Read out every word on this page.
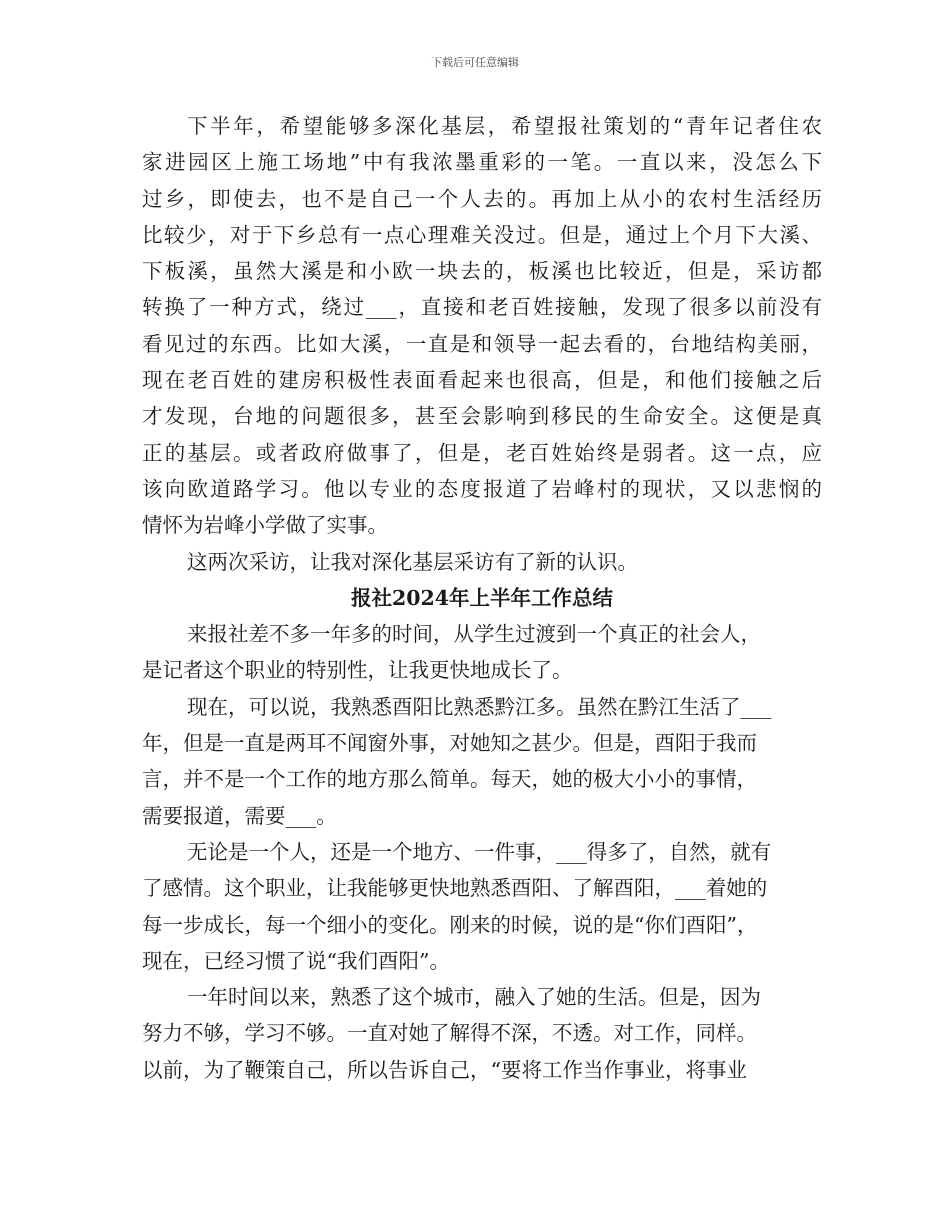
下载后可任意编辑
下半年，希望能够多深化基层，希望报社策划的“青年记者住农
家进园区上施工场地”中有我浓墨重彩的一笔。一直以来，没怎么下
过乡，即使去，也不是自己一个人去的。再加上从小的农村生活经历
比较少，对于下乡总有一点心理难关没过。但是，通过上个月下大溪、
下板溪，虽然大溪是和小欧一块去的，板溪也比较近，但是，采访都
转换了一种方式，绕过___，直接和老百姓接触，发现了很多以前没有
看见过的东西。比如大溪，一直是和领导一起去看的，台地结构美丽，
现在老百姓的建房积极性表面看起来也很高，但是，和他们接触之后
才发现，台地的问题很多，甚至会影响到移民的生命安全。这便是真
正的基层。或者政府做事了，但是，老百姓始终是弱者。这一点，应
该向欧道路学习。他以专业的态度报道了岩峰村的现状，又以悲悯的
情怀为岩峰小学做了实事。
这两次采访，让我对深化基层采访有了新的认识。
报社2024年上半年工作总结
来报社差不多一年多的时间，从学生过渡到一个真正的社会人，
是记者这个职业的特别性，让我更快地成长了。
现在，可以说，我熟悉酉阳比熟悉黔江多。虽然在黔江生活了___
年，但是一直是两耳不闻窗外事，对她知之甚少。但是，酉阳于我而
言，并不是一个工作的地方那么简单。每天，她的极大小小的事情，
需要报道，需要___。
无论是一个人，还是一个地方、一件事，___得多了，自然，就有
了感情。这个职业，让我能够更快地熟悉酉阳、了解酉阳，___着她的
每一步成长，每一个细小的变化。刚来的时候，说的是“你们酉阳”，
现在，已经习惯了说“我们酉阳”。
一年时间以来，熟悉了这个城市，融入了她的生活。但是，因为
努力不够，学习不够。一直对她了解得不深，不透。对工作，同样。
以前，为了鞭策自己，所以告诉自己，“要将工作当作事业，将事业
